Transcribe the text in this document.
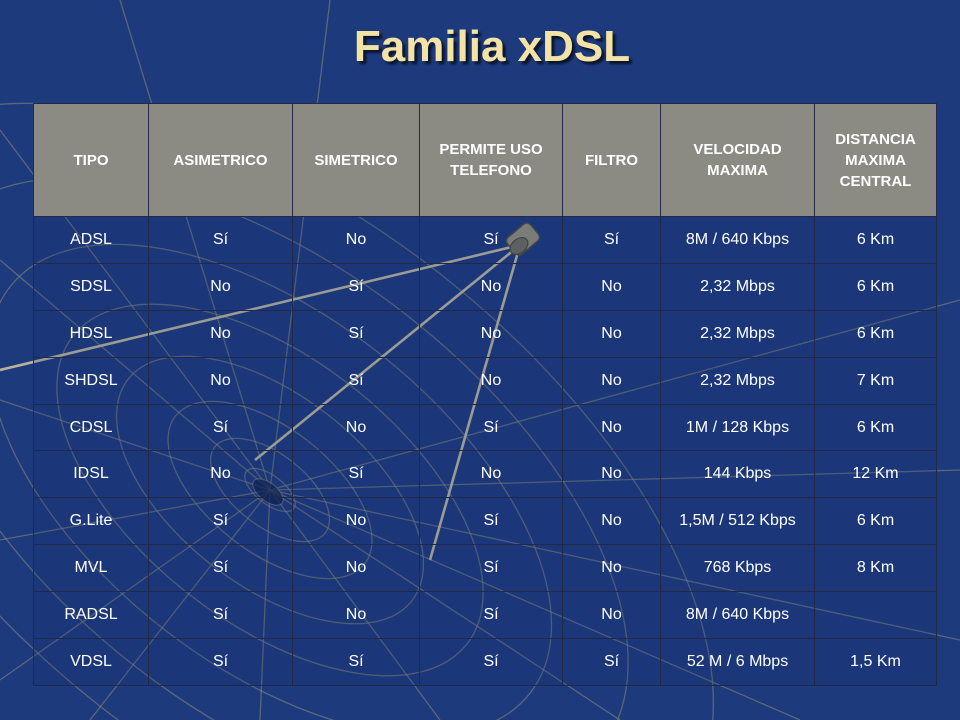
Familia xDSL
TIPO	ASIMETRICO	SIMETRICO	PERMITE USO TELEFONO	FILTRO	VELOCIDAD MAXIMA	DISTANCIA MAXIMA CENTRAL
ADSL	Sí	No	Sí	Sí	8M / 640 Kbps	6 Km
SDSL	No	Sí	No	No	2,32 Mbps	6 Km
HDSL	No	Sí	No	No	2,32 Mbps	6 Km
SHDSL	No	Sí	No	No	2,32 Mbps	7 Km
CDSL	Sí	No	Sí	No	1M / 128 Kbps	6 Km
IDSL	No	Sí	No	No	144 Kbps	12 Km
G.Lite	Sí	No	Sí	No	1,5M / 512 Kbps	6 Km
MVL	Sí	No	Sí	No	768 Kbps	8 Km
RADSL	Sí	No	Sí	No	8M / 640 Kbps	
VDSL	Sí	Sí	Sí	Sí	52 M / 6 Mbps	1,5 Km
